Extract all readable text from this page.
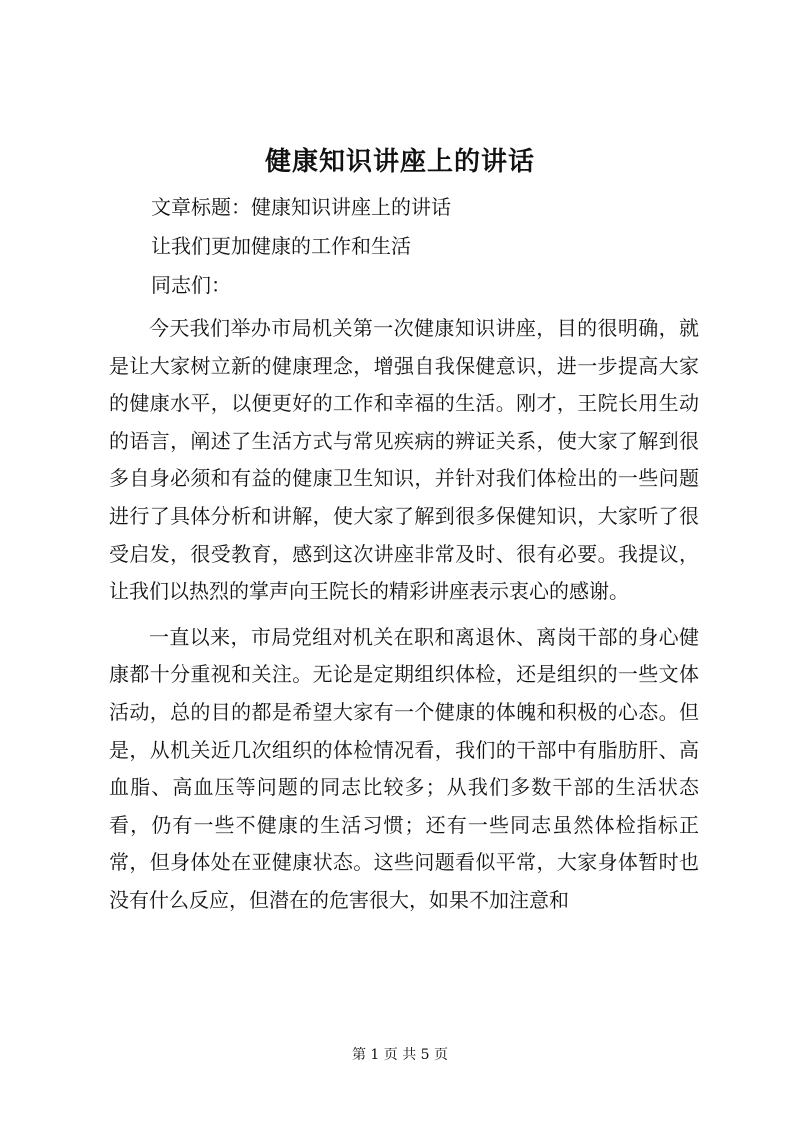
健康知识讲座上的讲话

文章标题：健康知识讲座上的讲话

让我们更加健康的工作和生活

同志们：

今天我们举办市局机关第一次健康知识讲座，目的很明确，就是让大家树立新的健康理念，增强自我保健意识，进一步提高大家的健康水平，以便更好的工作和幸福的生活。刚才，王院长用生动的语言，阐述了生活方式与常见疾病的辨证关系，使大家了解到很多自身必须和有益的健康卫生知识，并针对我们体检出的一些问题进行了具体分析和讲解，使大家了解到很多保健知识，大家听了很受启发，很受教育，感到这次讲座非常及时、很有必要。我提议，让我们以热烈的掌声向王院长的精彩讲座表示衷心的感谢。

一直以来，市局党组对机关在职和离退休、离岗干部的身心健康都十分重视和关注。无论是定期组织体检，还是组织的一些文体活动，总的目的都是希望大家有一个健康的体魄和积极的心态。但是，从机关近几次组织的体检情况看，我们的干部中有脂肪肝、高血脂、高血压等问题的同志比较多；从我们多数干部的生活状态看，仍有一些不健康的生活习惯；还有一些同志虽然体检指标正常，但身体处在亚健康状态。这些问题看似平常，大家身体暂时也没有什么反应，但潜在的危害很大，如果不加注意和

第 1 页 共 5 页
